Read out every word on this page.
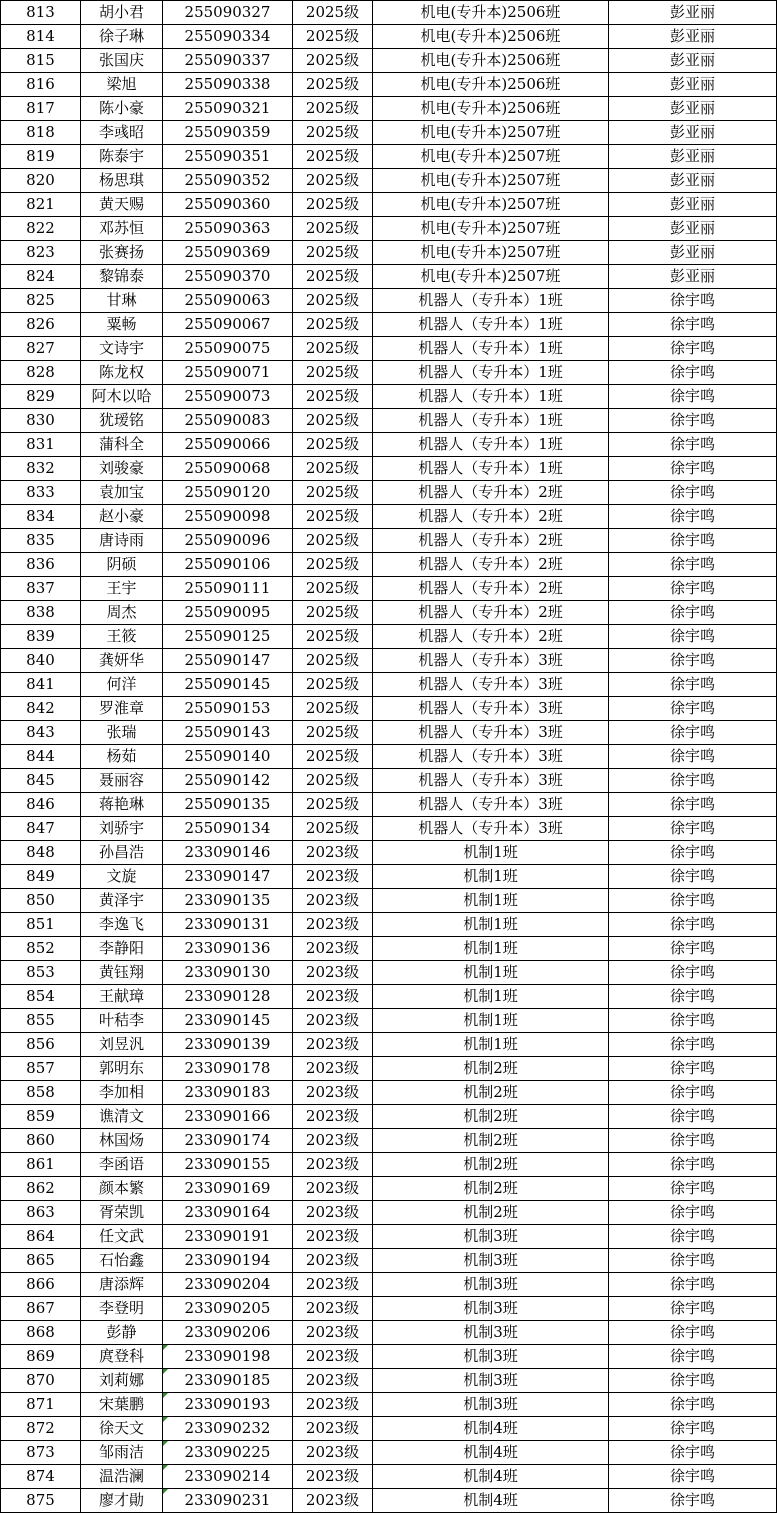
813	胡小君	255090327	2025级	机电(专升本)2506班	彭亚丽
814	徐子琳	255090334	2025级	机电(专升本)2506班	彭亚丽
815	张国庆	255090337	2025级	机电(专升本)2506班	彭亚丽
816	梁旭	255090338	2025级	机电(专升本)2506班	彭亚丽
817	陈小豪	255090321	2025级	机电(专升本)2506班	彭亚丽
818	李彧昭	255090359	2025级	机电(专升本)2507班	彭亚丽
819	陈泰宇	255090351	2025级	机电(专升本)2507班	彭亚丽
820	杨思琪	255090352	2025级	机电(专升本)2507班	彭亚丽
821	黄天赐	255090360	2025级	机电(专升本)2507班	彭亚丽
822	邓苏恒	255090363	2025级	机电(专升本)2507班	彭亚丽
823	张赛扬	255090369	2025级	机电(专升本)2507班	彭亚丽
824	黎锦泰	255090370	2025级	机电(专升本)2507班	彭亚丽
825	甘琳	255090063	2025级	机器人（专升本）1班	徐宇鸣
826	粟畅	255090067	2025级	机器人（专升本）1班	徐宇鸣
827	文诗宇	255090075	2025级	机器人（专升本）1班	徐宇鸣
828	陈龙权	255090071	2025级	机器人（专升本）1班	徐宇鸣
829	阿木以哈	255090073	2025级	机器人（专升本）1班	徐宇鸣
830	犹瑷铭	255090083	2025级	机器人（专升本）1班	徐宇鸣
831	蒲科全	255090066	2025级	机器人（专升本）1班	徐宇鸣
832	刘骏豪	255090068	2025级	机器人（专升本）1班	徐宇鸣
833	袁加宝	255090120	2025级	机器人（专升本）2班	徐宇鸣
834	赵小豪	255090098	2025级	机器人（专升本）2班	徐宇鸣
835	唐诗雨	255090096	2025级	机器人（专升本）2班	徐宇鸣
836	阴硕	255090106	2025级	机器人（专升本）2班	徐宇鸣
837	王宇	255090111	2025级	机器人（专升本）2班	徐宇鸣
838	周杰	255090095	2025级	机器人（专升本）2班	徐宇鸣
839	王筱	255090125	2025级	机器人（专升本）2班	徐宇鸣
840	龚妍华	255090147	2025级	机器人（专升本）3班	徐宇鸣
841	何洋	255090145	2025级	机器人（专升本）3班	徐宇鸣
842	罗淮章	255090153	2025级	机器人（专升本）3班	徐宇鸣
843	张瑞	255090143	2025级	机器人（专升本）3班	徐宇鸣
844	杨茹	255090140	2025级	机器人（专升本）3班	徐宇鸣
845	聂丽容	255090142	2025级	机器人（专升本）3班	徐宇鸣
846	蒋艳琳	255090135	2025级	机器人（专升本）3班	徐宇鸣
847	刘骄宇	255090134	2025级	机器人（专升本）3班	徐宇鸣
848	孙昌浩	233090146	2023级	机制1班	徐宇鸣
849	文旋	233090147	2023级	机制1班	徐宇鸣
850	黄泽宇	233090135	2023级	机制1班	徐宇鸣
851	李逸飞	233090131	2023级	机制1班	徐宇鸣
852	李静阳	233090136	2023级	机制1班	徐宇鸣
853	黄钰翔	233090130	2023级	机制1班	徐宇鸣
854	王献璋	233090128	2023级	机制1班	徐宇鸣
855	叶秸李	233090145	2023级	机制1班	徐宇鸣
856	刘昱汎	233090139	2023级	机制1班	徐宇鸣
857	郭明东	233090178	2023级	机制2班	徐宇鸣
858	李加相	233090183	2023级	机制2班	徐宇鸣
859	谯清文	233090166	2023级	机制2班	徐宇鸣
860	林国炀	233090174	2023级	机制2班	徐宇鸣
861	李函语	233090155	2023级	机制2班	徐宇鸣
862	颜本繁	233090169	2023级	机制2班	徐宇鸣
863	胥荣凯	233090164	2023级	机制2班	徐宇鸣
864	任文武	233090191	2023级	机制3班	徐宇鸣
865	石怡鑫	233090194	2023级	机制3班	徐宇鸣
866	唐添辉	233090204	2023级	机制3班	徐宇鸣
867	李登明	233090205	2023级	机制3班	徐宇鸣
868	彭静	233090206	2023级	机制3班	徐宇鸣
869	庹登科	233090198	2023级	机制3班	徐宇鸣
870	刘莉娜	233090185	2023级	机制3班	徐宇鸣
871	宋葉鹏	233090193	2023级	机制3班	徐宇鸣
872	徐天文	233090232	2023级	机制4班	徐宇鸣
873	邹雨洁	233090225	2023级	机制4班	徐宇鸣
874	温浩澜	233090214	2023级	机制4班	徐宇鸣
875	廖才勛	233090231	2023级	机制4班	徐宇鸣
